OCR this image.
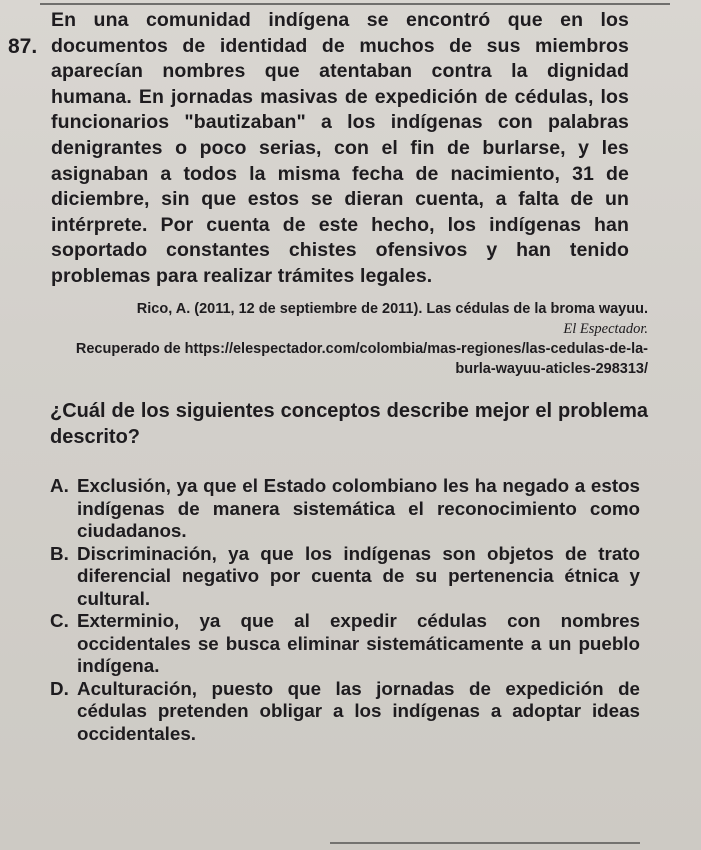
87.
En una comunidad indígena se encontró que en los documentos de identidad de muchos de sus miembros aparecían nombres que atentaban contra la dignidad humana. En jornadas masivas de expedición de cédulas, los funcionarios "bautizaban" a los indígenas con palabras denigrantes o poco serias, con el fin de burlarse, y les asignaban a todos la misma fecha de nacimiento, 31 de diciembre, sin que estos se dieran cuenta, a falta de un intérprete. Por cuenta de este hecho, los indígenas han soportado constantes chistes ofensivos y han tenido problemas para realizar trámites legales.
Rico, A. (2011, 12 de septiembre de 2011). Las cédulas de la broma wayuu.
El Espectador.
Recuperado de https://elespectador.com/colombia/mas-regiones/las-cedulas-de-la-burla-wayuu-aticles-298313/
¿Cuál de los siguientes conceptos describe mejor el problema descrito?
A. Exclusión, ya que el Estado colombiano les ha negado a estos indígenas de manera sistemática el reconocimiento como ciudadanos.
B. Discriminación, ya que los indígenas son objetos de trato diferencial negativo por cuenta de su pertenencia étnica y cultural.
C. Exterminio, ya que al expedir cédulas con nombres occidentales se busca eliminar sistemáticamente a un pueblo indígena.
D. Aculturación, puesto que las jornadas de expedición de cédulas pretenden obligar a los indígenas a adoptar ideas occidentales.
